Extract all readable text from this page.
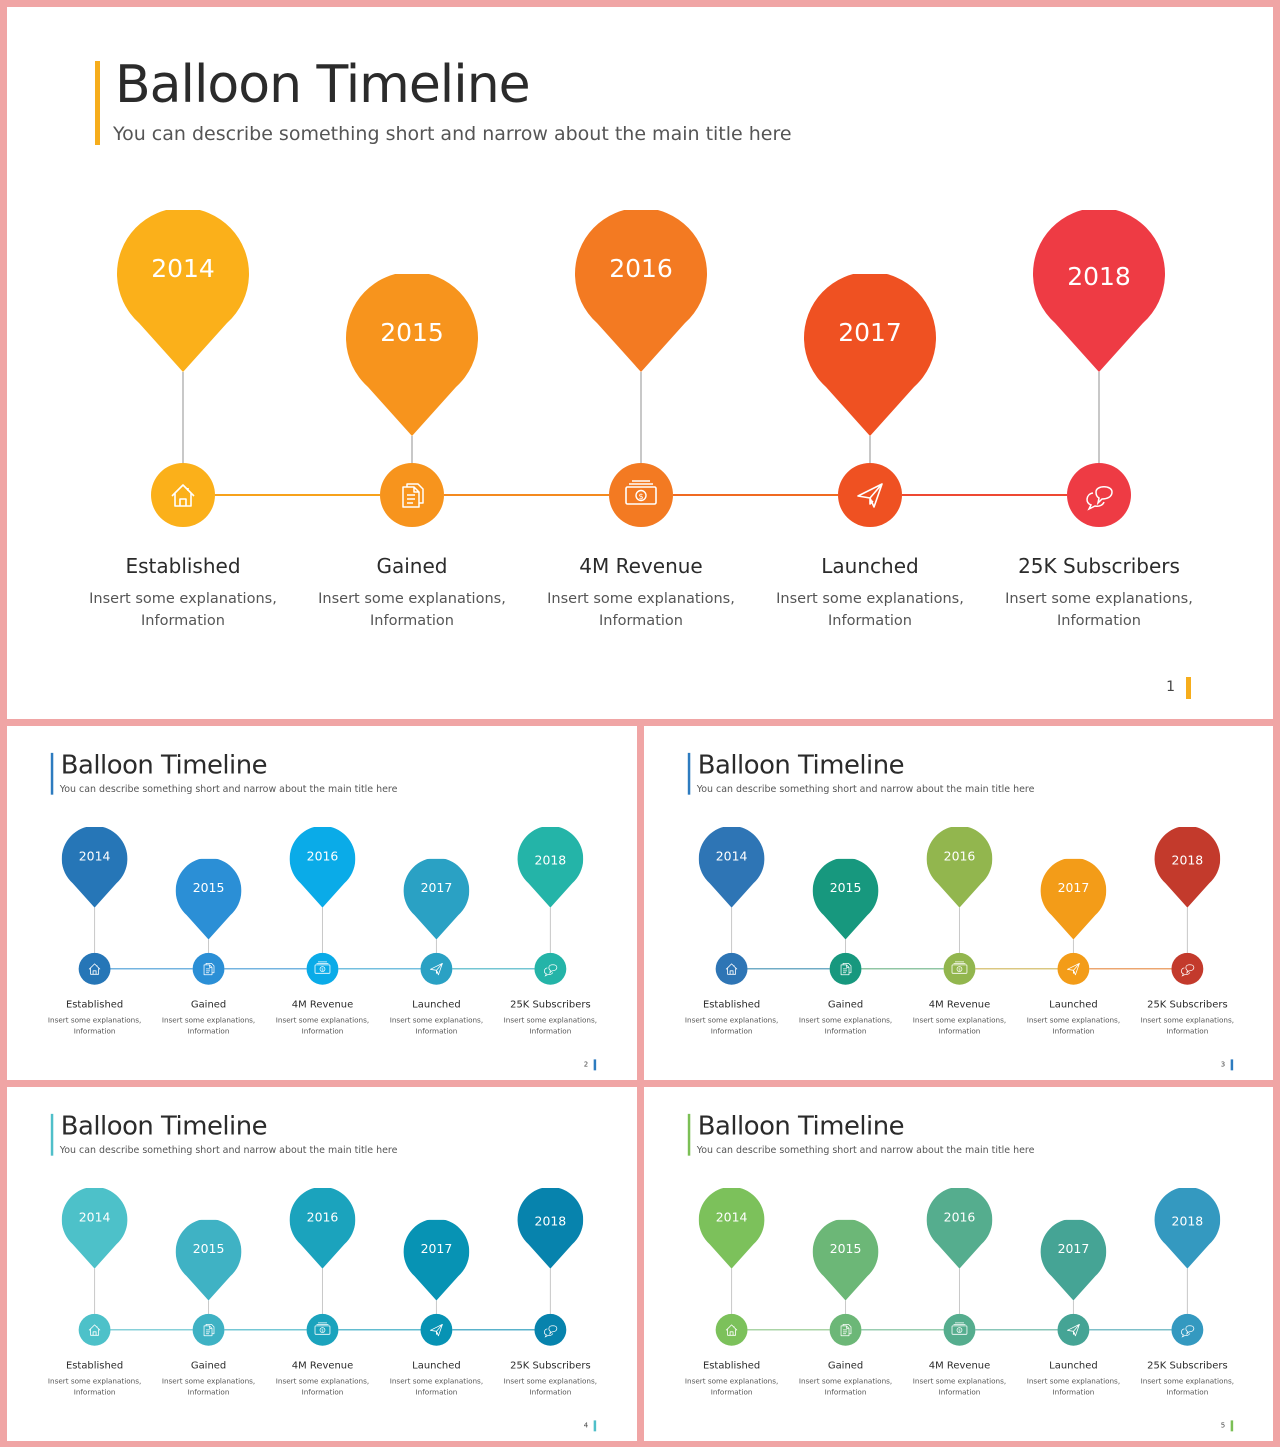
Balloon Timeline
You can describe something short and narrow about the main title here
2014
Established
Insert some explanations,
Information
2015
Gained
Insert some explanations,
Information
2016
$
4M Revenue
Insert some explanations,
Information
2017
Launched
Insert some explanations,
Information
2018
25K Subscribers
Insert some explanations,
Information
1
Balloon Timeline
You can describe something short and narrow about the main title here
2014
Established
Insert some explanations,
Information
2015
Gained
Insert some explanations,
Information
2016
$
4M Revenue
Insert some explanations,
Information
2017
Launched
Insert some explanations,
Information
2018
25K Subscribers
Insert some explanations,
Information
2
Balloon Timeline
You can describe something short and narrow about the main title here
2014
Established
Insert some explanations,
Information
2015
Gained
Insert some explanations,
Information
2016
$
4M Revenue
Insert some explanations,
Information
2017
Launched
Insert some explanations,
Information
2018
25K Subscribers
Insert some explanations,
Information
3
Balloon Timeline
You can describe something short and narrow about the main title here
2014
Established
Insert some explanations,
Information
2015
Gained
Insert some explanations,
Information
2016
$
4M Revenue
Insert some explanations,
Information
2017
Launched
Insert some explanations,
Information
2018
25K Subscribers
Insert some explanations,
Information
4
Balloon Timeline
You can describe something short and narrow about the main title here
2014
Established
Insert some explanations,
Information
2015
Gained
Insert some explanations,
Information
2016
$
4M Revenue
Insert some explanations,
Information
2017
Launched
Insert some explanations,
Information
2018
25K Subscribers
Insert some explanations,
Information
5
